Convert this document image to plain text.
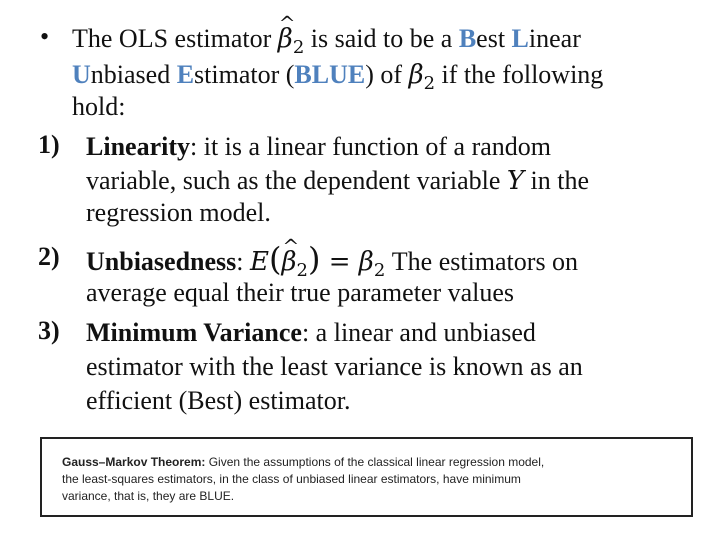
• The OLS estimator ^ $\beta_2$ is said to be a Best Linear
Unbiased Estimator (BLUE) of $\beta_2$ if the following
hold:
1) Linearity: it is a linear function of a random
variable, such as the dependent variable Y in the
regression model.
2) Unbiasedness: E(^ $\beta_2) = \beta_2$ The estimators on
average equal their true parameter values
3) Minimum Variance: a linear and unbiased
estimator with the least variance is known as an
efficient (Best) estimator.
Gauss–Markov Theorem: Given the assumptions of the classical linear regression model,
the least-squares estimators, in the class of unbiased linear estimators, have minimum
variance, that is, they are BLUE.
